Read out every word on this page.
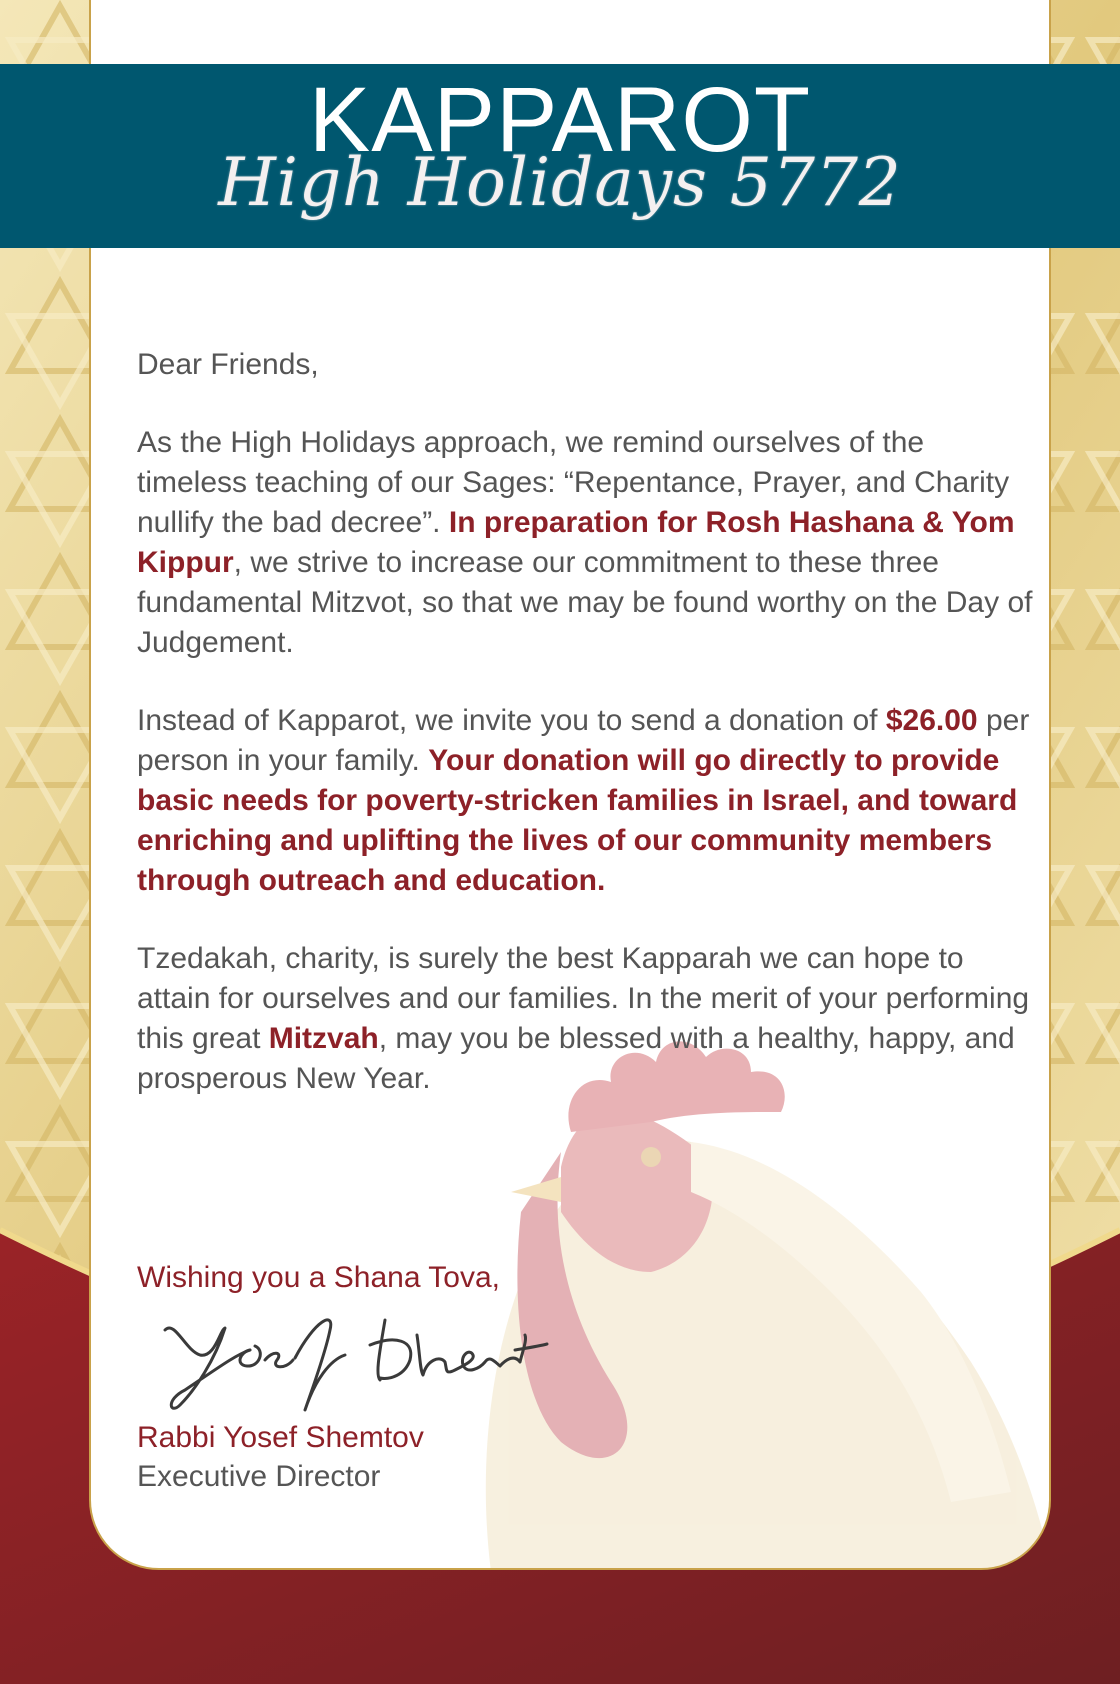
KAPPAROT
High Holidays 5772

Dear Friends,

As the High Holidays approach, we remind ourselves of the timeless teaching of our Sages: “Repentance, Prayer, and Charity nullify the bad decree”. In preparation for Rosh Hashana & Yom Kippur, we strive to increase our commitment to these three fundamental Mitzvot, so that we may be found worthy on the Day of Judgement.

Instead of Kapparot, we invite you to send a donation of $26.00 per person in your family. Your donation will go directly to provide basic needs for poverty-stricken families in Israel, and toward enriching and uplifting the lives of our community members through outreach and education.

Tzedakah, charity, is surely the best Kapparah we can hope to attain for ourselves and our families. In the merit of your performing this great Mitzvah, may you be blessed with a healthy, happy, and prosperous New Year.

Wishing you a Shana Tova,
Rabbi Yosef Shemtov
Executive Director
